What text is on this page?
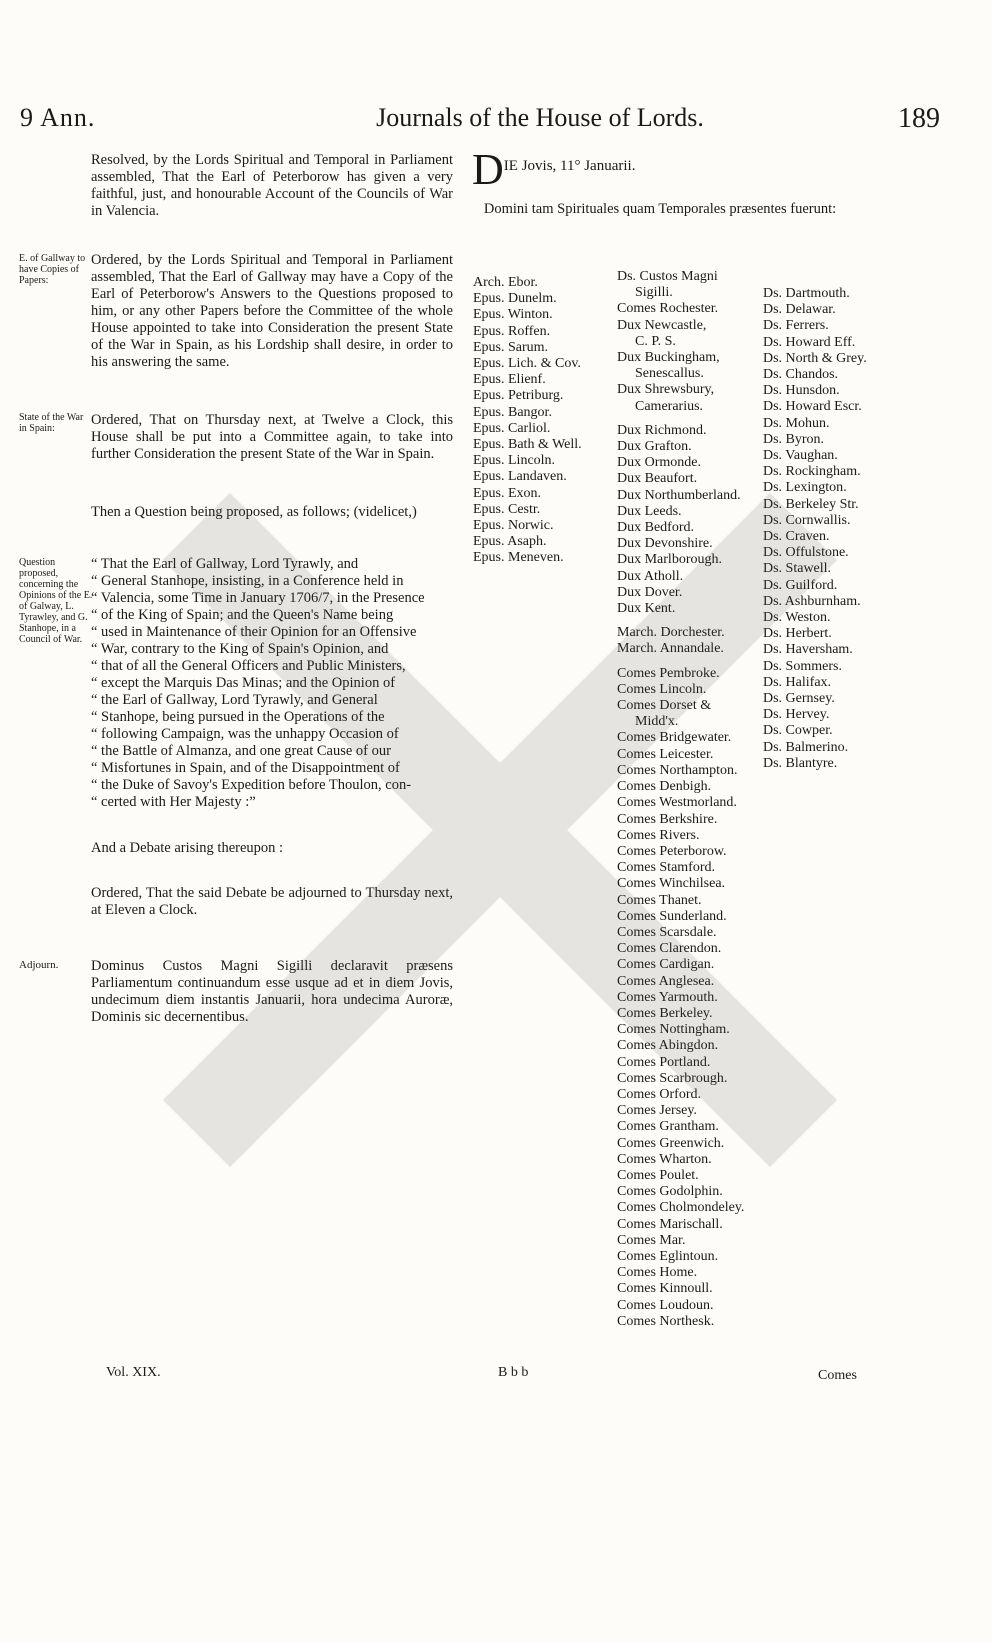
9 Ann.	Journals of the House of Lords.	189

Resolved, by the Lords Spiritual and Temporal in Parliament assembled, That the Earl of Peterborow has given a very faithful, just, and honourable Account of the Councils of War in Valencia.

E. of Gallway to have Copies of Papers:

Ordered, by the Lords Spiritual and Temporal in Parliament assembled, That the Earl of Gallway may have a Copy of the Earl of Peterborow's Answers to the Questions proposed to him, or any other Papers before the Committee of the whole House appointed to take into Consideration the present State of the War in Spain, as his Lordship shall desire, in order to his answering the same.

State of the War in Spain:

Ordered, That on Thursday next, at Twelve a Clock, this House shall be put into a Committee again, to take into further Consideration the present State of the War in Spain.

Then a Question being proposed, as follows; (videlicet,)

Question proposed, concerning the Opinions of the E. of Galway, L. Tyrawley, and G. Stanhope, in a Council of War.

“ That the Earl of Gallway, Lord Tyrawly, and
“ General Stanhope, insisting, in a Conference held in
“ Valencia, some Time in January 1706/7, in the Presence
“ of the King of Spain; and the Queen's Name being
“ used in Maintenance of their Opinion for an Offensive
“ War, contrary to the King of Spain's Opinion, and
“ that of all the General Officers and Public Ministers,
“ except the Marquis Das Minas; and the Opinion of
“ the Earl of Gallway, Lord Tyrawly, and General
“ Stanhope, being pursued in the Operations of the
“ following Campaign, was the unhappy Occasion of
“ the Battle of Almanza, and one great Cause of our
“ Misfortunes in Spain, and of the Disappointment of
“ the Duke of Savoy's Expedition before Thoulon, con-
“ certed with Her Majesty :”

And a Debate arising thereupon :

Ordered, That the said Debate be adjourned to Thursday next, at Eleven a Clock.

Adjourn.	Dominus Custos Magni Sigilli declaravit præsens Parliamentum continuandum esse usque ad et in diem Jovis, undecimum diem instantis Januarii, hora undecima Auroræ, Dominis sic decernentibus.

DIE Jovis, 11° Januarii.
Domini tam Spirituales quam Temporales præsentes fuerunt:
Arch. Ebor.
Epus. Dunelm.
Epus. Winton.
Epus. Roffen.
Epus. Sarum.
Epus. Lich. & Cov.
Epus. Elienf.
Epus. Petriburg.
Epus. Bangor.
Epus. Carliol.
Epus. Bath & Well.
Epus. Lincoln.
Epus. Landaven.
Epus. Exon.
Epus. Cestr.
Epus. Norwic.
Epus. Asaph.
Epus. Meneven.
Ds. Custos Magni
Sigilli.
Comes Rochester.
Dux Newcastle,
C. P. S.
Dux Buckingham,
Senescallus.
Dux Shrewsbury,
Camerarius.
Dux Richmond.
Dux Grafton.
Dux Ormonde.
Dux Beaufort.
Dux Northumberland.
Dux Leeds.
Dux Bedford.
Dux Devonshire.
Dux Marlborough.
Dux Atholl.
Dux Dover.
Dux Kent.
March. Dorchester.
March. Annandale.
Comes Pembroke.
Comes Lincoln.
Comes Dorset &
Midd'x.
Comes Bridgewater.
Comes Leicester.
Comes Northampton.
Comes Denbigh.
Comes Westmorland.
Comes Berkshire.
Comes Rivers.
Comes Peterborow.
Comes Stamford.
Comes Winchilsea.
Comes Thanet.
Comes Sunderland.
Comes Scarsdale.
Comes Clarendon.
Comes Cardigan.
Comes Anglesea.
Comes Yarmouth.
Comes Berkeley.
Comes Nottingham.
Comes Abingdon.
Comes Portland.
Comes Scarbrough.
Comes Orford.
Comes Jersey.
Comes Grantham.
Comes Greenwich.
Comes Wharton.
Comes Poulet.
Comes Godolphin.
Comes Cholmondeley.
Comes Marischall.
Comes Mar.
Comes Eglintoun.
Comes Home.
Comes Kinnoull.
Comes Loudoun.
Comes Northesk.
Ds. Dartmouth.
Ds. Delawar.
Ds. Ferrers.
Ds. Howard Eff.
Ds. North & Grey.
Ds. Chandos.
Ds. Hunsdon.
Ds. Howard Escr.
Ds. Mohun.
Ds. Byron.
Ds. Vaughan.
Ds. Rockingham.
Ds. Lexington.
Ds. Berkeley Str.
Ds. Cornwallis.
Ds. Craven.
Ds. Offulstone.
Ds. Stawell.
Ds. Guilford.
Ds. Ashburnham.
Ds. Weston.
Ds. Herbert.
Ds. Haversham.
Ds. Sommers.
Ds. Halifax.
Ds. Gernsey.
Ds. Hervey.
Ds. Cowper.
Ds. Balmerino.
Ds. Blantyre.
Vol. XIX.	B b b	Comes
